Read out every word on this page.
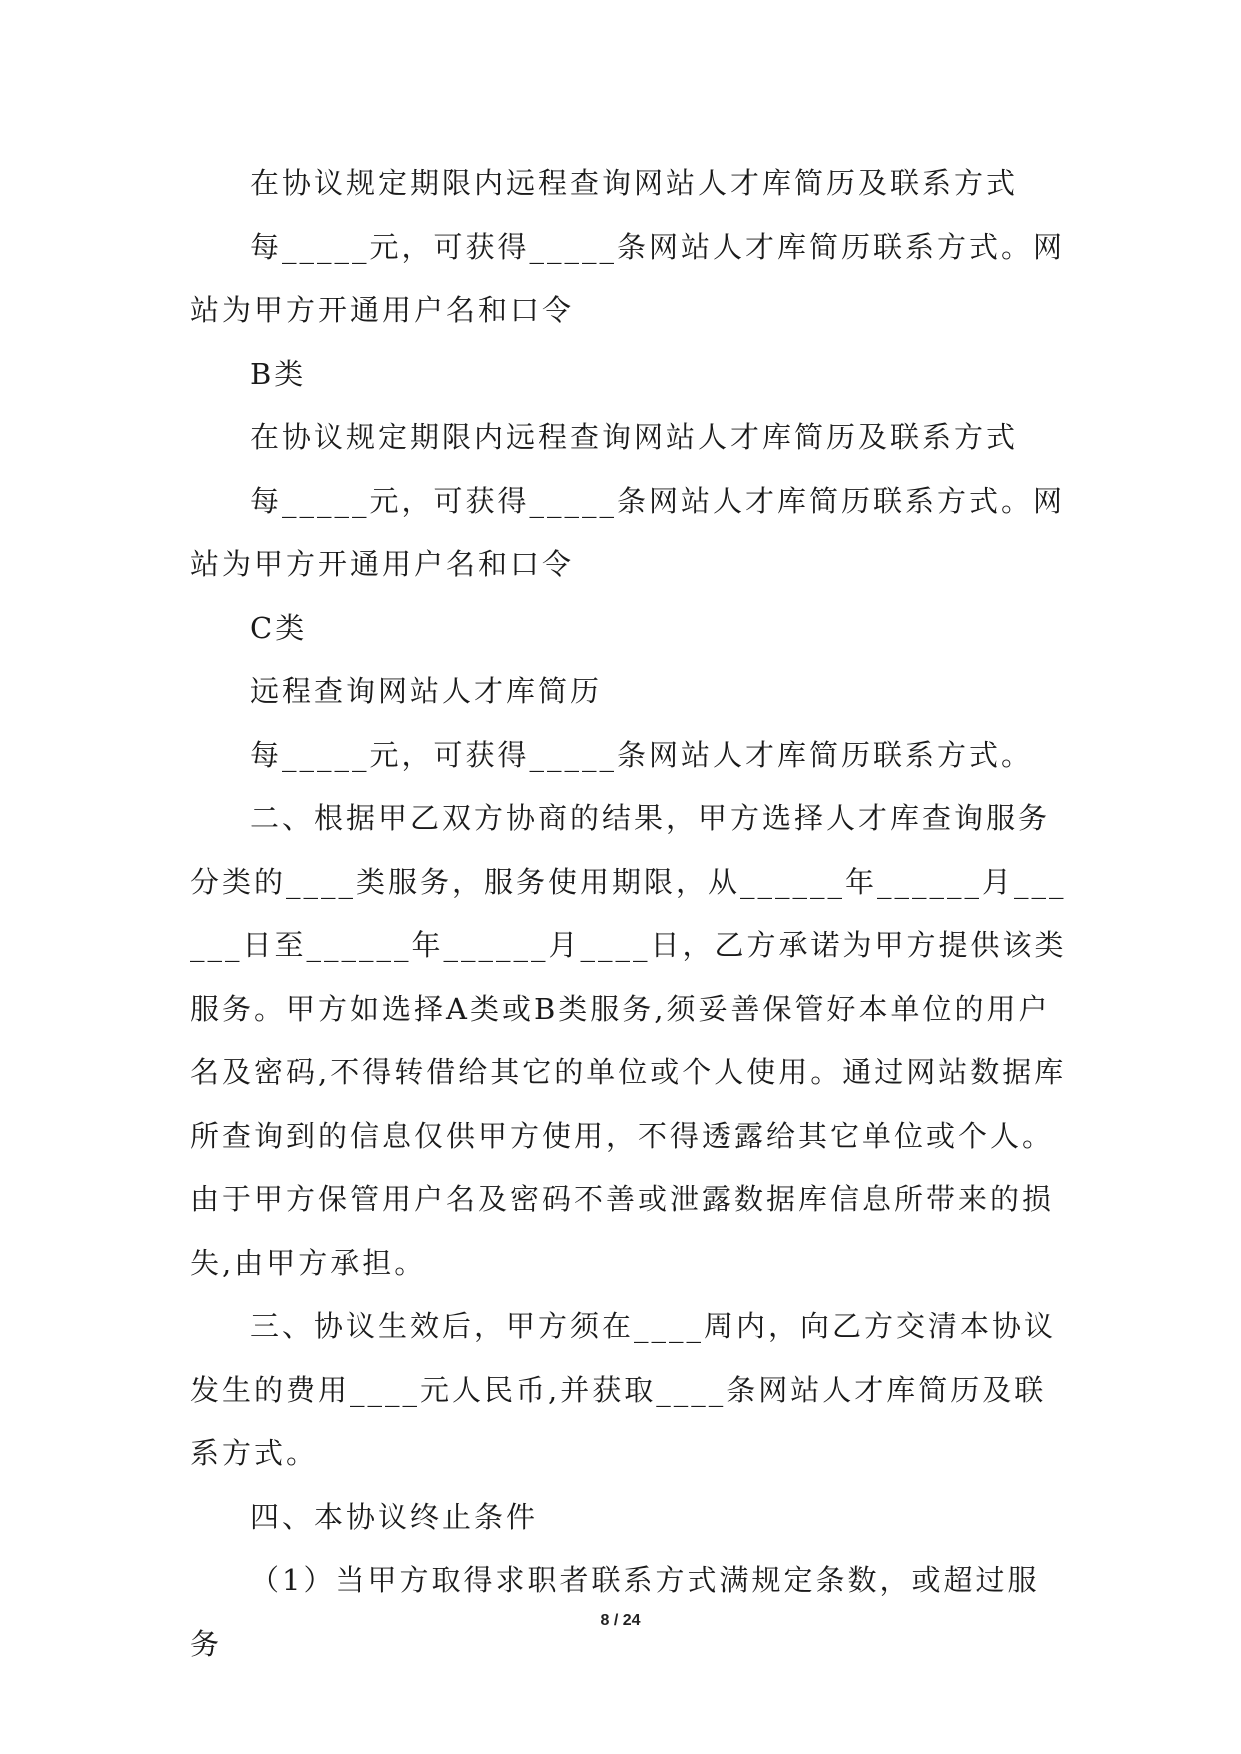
在协议规定期限内远程查询网站人才库简历及联系方式

每_____元，可获得_____条网站人才库简历联系方式。网站为甲方开通用户名和口令

B类

在协议规定期限内远程查询网站人才库简历及联系方式

每_____元，可获得_____条网站人才库简历联系方式。网站为甲方开通用户名和口令

C类

远程查询网站人才库简历

每_____元，可获得_____条网站人才库简历联系方式。

二、根据甲乙双方协商的结果，甲方选择人才库查询服务分类的____类服务，服务使用期限，从______年______月______日至______年______月____日，乙方承诺为甲方提供该类服务。甲方如选择A类或B类服务,须妥善保管好本单位的用户名及密码,不得转借给其它的单位或个人使用。通过网站数据库所查询到的信息仅供甲方使用，不得透露给其它单位或个人。由于甲方保管用户名及密码不善或泄露数据库信息所带来的损失,由甲方承担。

三、协议生效后，甲方须在____周内，向乙方交清本协议发生的费用____元人民币,并获取____条网站人才库简历及联系方式。

四、本协议终止条件

（1）当甲方取得求职者联系方式满规定条数，或超过服务

8 / 24
